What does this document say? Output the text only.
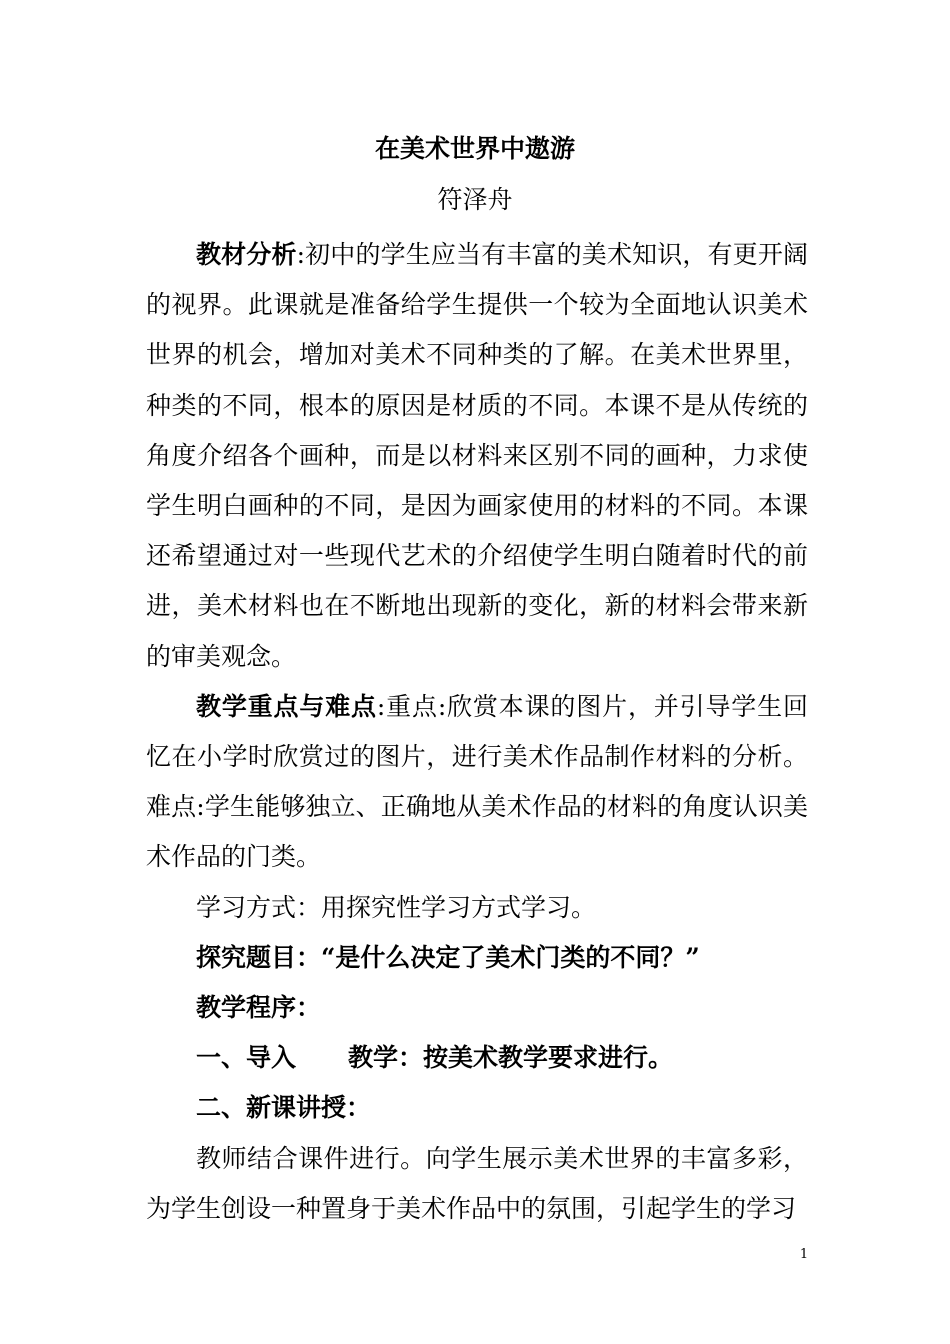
在美术世界中遨游
符泽舟

教材分析:初中的学生应当有丰富的美术知识，有更开阔的视界。此课就是准备给学生提供一个较为全面地认识美术世界的机会，增加对美术不同种类的了解。在美术世界里，种类的不同，根本的原因是材质的不同。本课不是从传统的角度介绍各个画种，而是以材料来区别不同的画种，力求使学生明白画种的不同，是因为画家使用的材料的不同。本课还希望通过对一些现代艺术的介绍使学生明白随着时代的前进，美术材料也在不断地出现新的变化，新的材料会带来新的审美观念。

教学重点与难点:重点:欣赏本课的图片，并引导学生回忆在小学时欣赏过的图片，进行美术作品制作材料的分析。难点:学生能够独立、正确地从美术作品的材料的角度认识美术作品的门类。

学习方式：用探究性学习方式学习。

探究题目：“是什么决定了美术门类的不同？”

教学程序：

一、导入 教学：按美术教学要求进行。

二、新课讲授：

教师结合课件进行。向学生展示美术世界的丰富多彩，为学生创设一种置身于美术作品中的氛围，引起学生的学习

1
